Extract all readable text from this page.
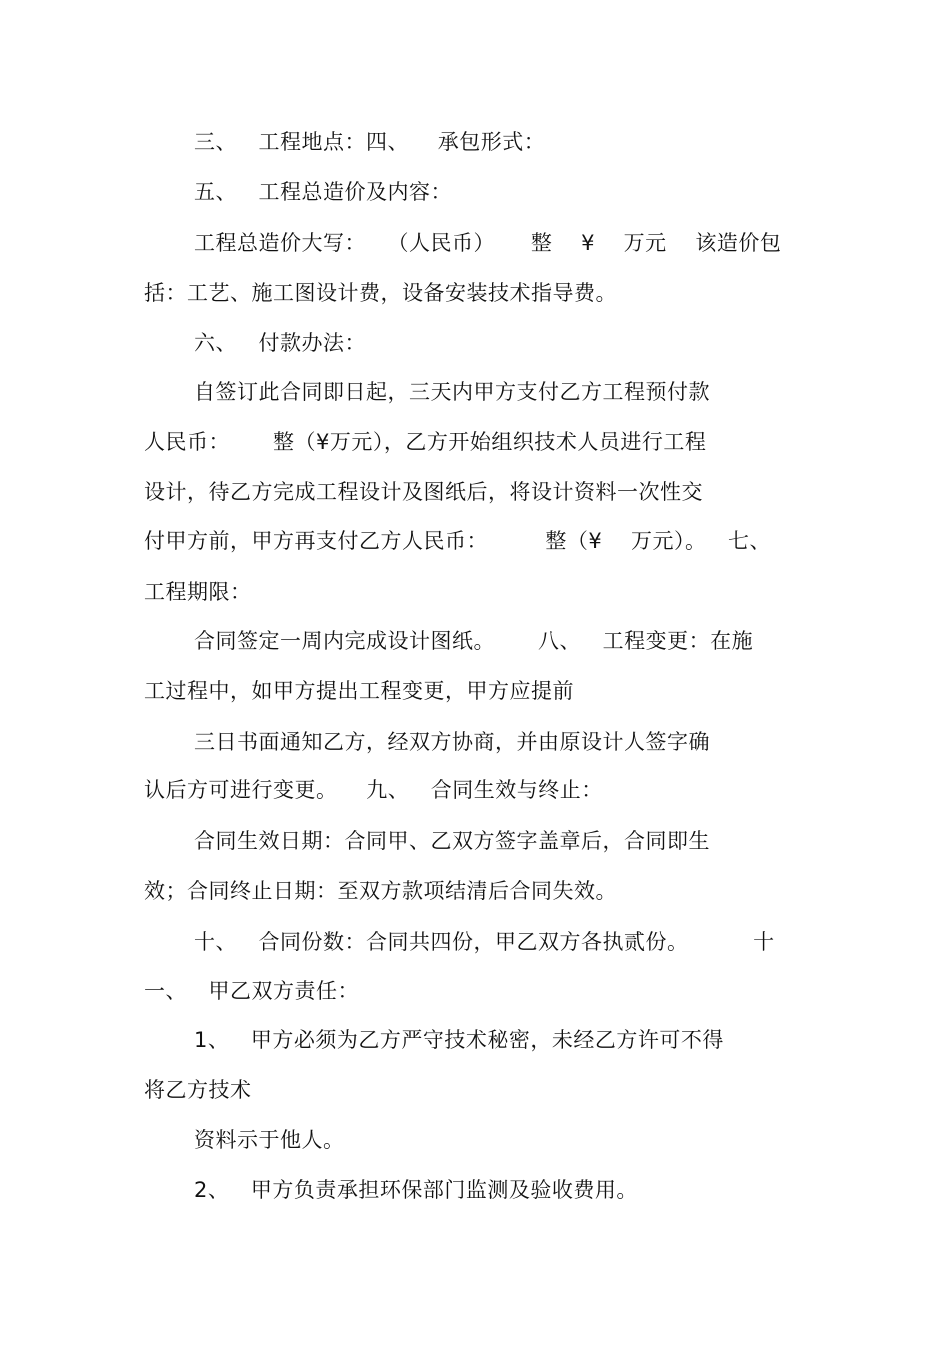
三、   工程地点：四、    承包形式：
五、   工程总造价及内容：
工程总造价大写：   （人民币）     整    ¥    万元    该造价包
括：工艺、施工图设计费，设备安装技术指导费。
六、   付款办法：
自签订此合同即日起，三天内甲方支付乙方工程预付款
人民币：      整（¥万元），乙方开始组织技术人员进行工程
设计，待乙方完成工程设计及图纸后，将设计资料一次性交
付甲方前，甲方再支付乙方人民币：        整（¥    万元）。   七、
工程期限：
合同签定一周内完成设计图纸。      八、   工程变更：在施
工过程中，如甲方提出工程变更，甲方应提前
三日书面通知乙方，经双方协商，并由原设计人签字确
认后方可进行变更。    九、   合同生效与终止：
合同生效日期：合同甲、乙双方签字盖章后，合同即生
效；合同终止日期：至双方款项结清后合同失效。
十、   合同份数：合同共四份，甲乙双方各执贰份。         十
一、   甲乙双方责任：
1、   甲方必须为乙方严守技术秘密，未经乙方许可不得
将乙方技术
资料示于他人。
2、   甲方负责承担环保部门监测及验收费用。
